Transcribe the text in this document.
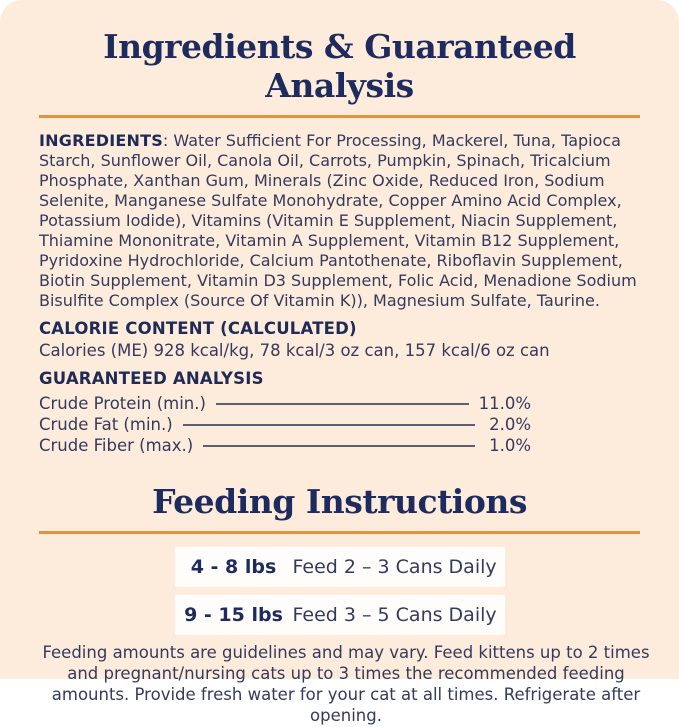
Ingredients & Guaranteed Analysis

INGREDIENTS: Water Sufficient For Processing, Mackerel, Tuna, Tapioca Starch, Sunflower Oil, Canola Oil, Carrots, Pumpkin, Spinach, Tricalcium Phosphate, Xanthan Gum, Minerals (Zinc Oxide, Reduced Iron, Sodium Selenite, Manganese Sulfate Monohydrate, Copper Amino Acid Complex, Potassium Iodide), Vitamins (Vitamin E Supplement, Niacin Supplement, Thiamine Mononitrate, Vitamin A Supplement, Vitamin B12 Supplement, Pyridoxine Hydrochloride, Calcium Pantothenate, Riboflavin Supplement, Biotin Supplement, Vitamin D3 Supplement, Folic Acid, Menadione Sodium Bisulfite Complex (Source Of Vitamin K)), Magnesium Sulfate, Taurine.

CALORIE CONTENT (CALCULATED)

Calories (ME) 928 kcal/kg, 78 kcal/3 oz can, 157 kcal/6 oz can

GUARANTEED ANALYSIS

Crude Protein (min.)	11.0%
Crude Fat (min.)	2.0%
Crude Fiber (max.)	1.0%
Feeding Instructions
4 - 8 lbs Feed 2 – 3 Cans Daily
9 - 15 lbs Feed 3 – 5 Cans Daily

Feeding amounts are guidelines and may vary. Feed kittens up to 2 times and pregnant/nursing cats up to 3 times the recommended feeding amounts. Provide fresh water for your cat at all times. Refrigerate after opening.
